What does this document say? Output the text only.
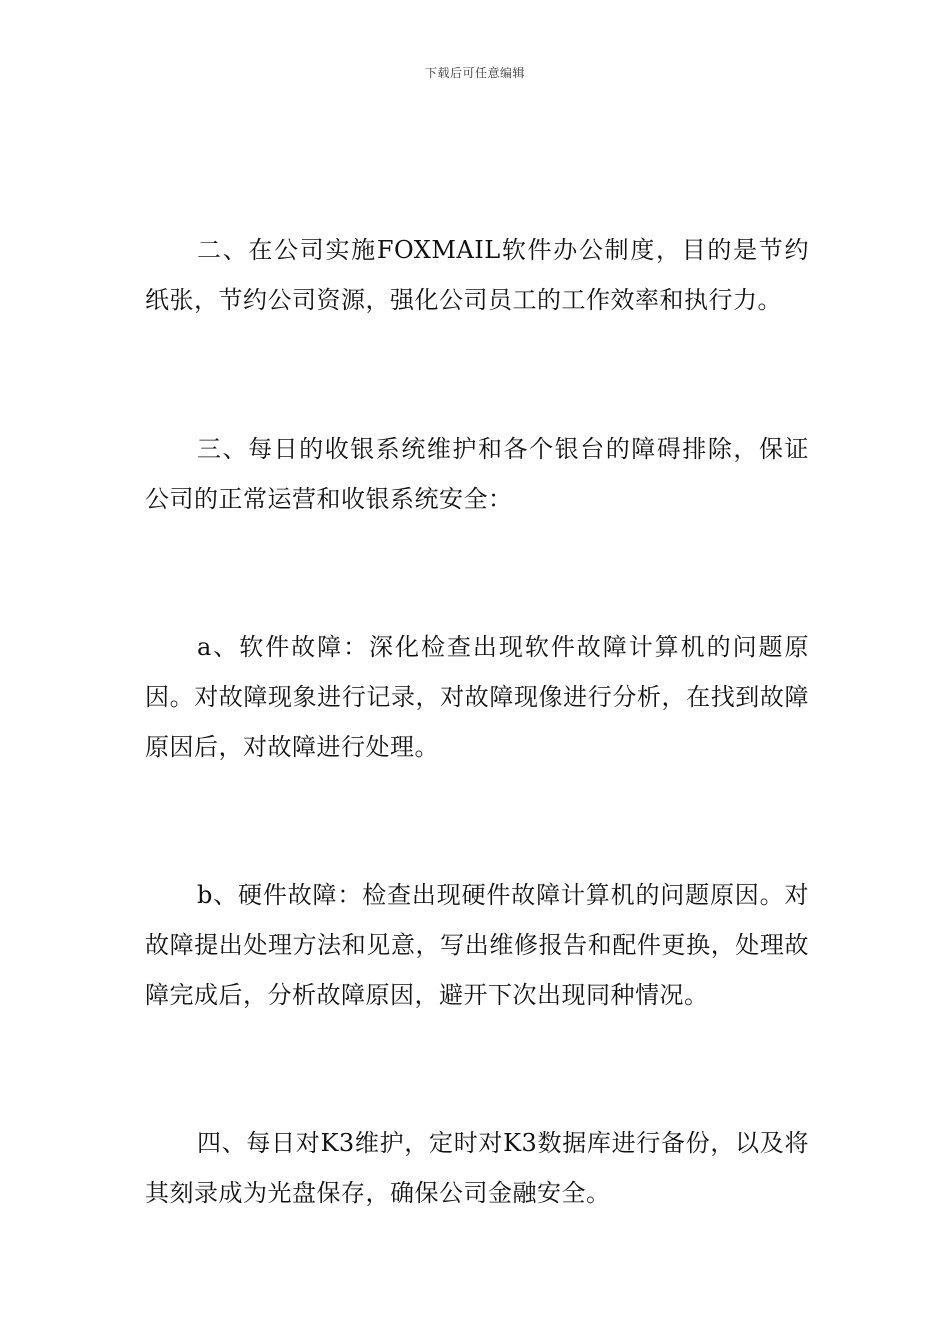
下载后可任意编辑

二、在公司实施FOXMAIL软件办公制度，目的是节约纸张，节约公司资源，强化公司员工的工作效率和执行力。

三、每日的收银系统维护和各个银台的障碍排除，保证公司的正常运营和收银系统安全：

a、软件故障：深化检查出现软件故障计算机的问题原因。对故障现象进行记录，对故障现像进行分析，在找到故障原因后，对故障进行处理。

b、硬件故障：检查出现硬件故障计算机的问题原因。对故障提出处理方法和见意，写出维修报告和配件更换，处理故障完成后，分析故障原因，避开下次出现同种情况。

四、每日对K3维护，定时对K3数据库进行备份，以及将其刻录成为光盘保存，确保公司金融安全。
